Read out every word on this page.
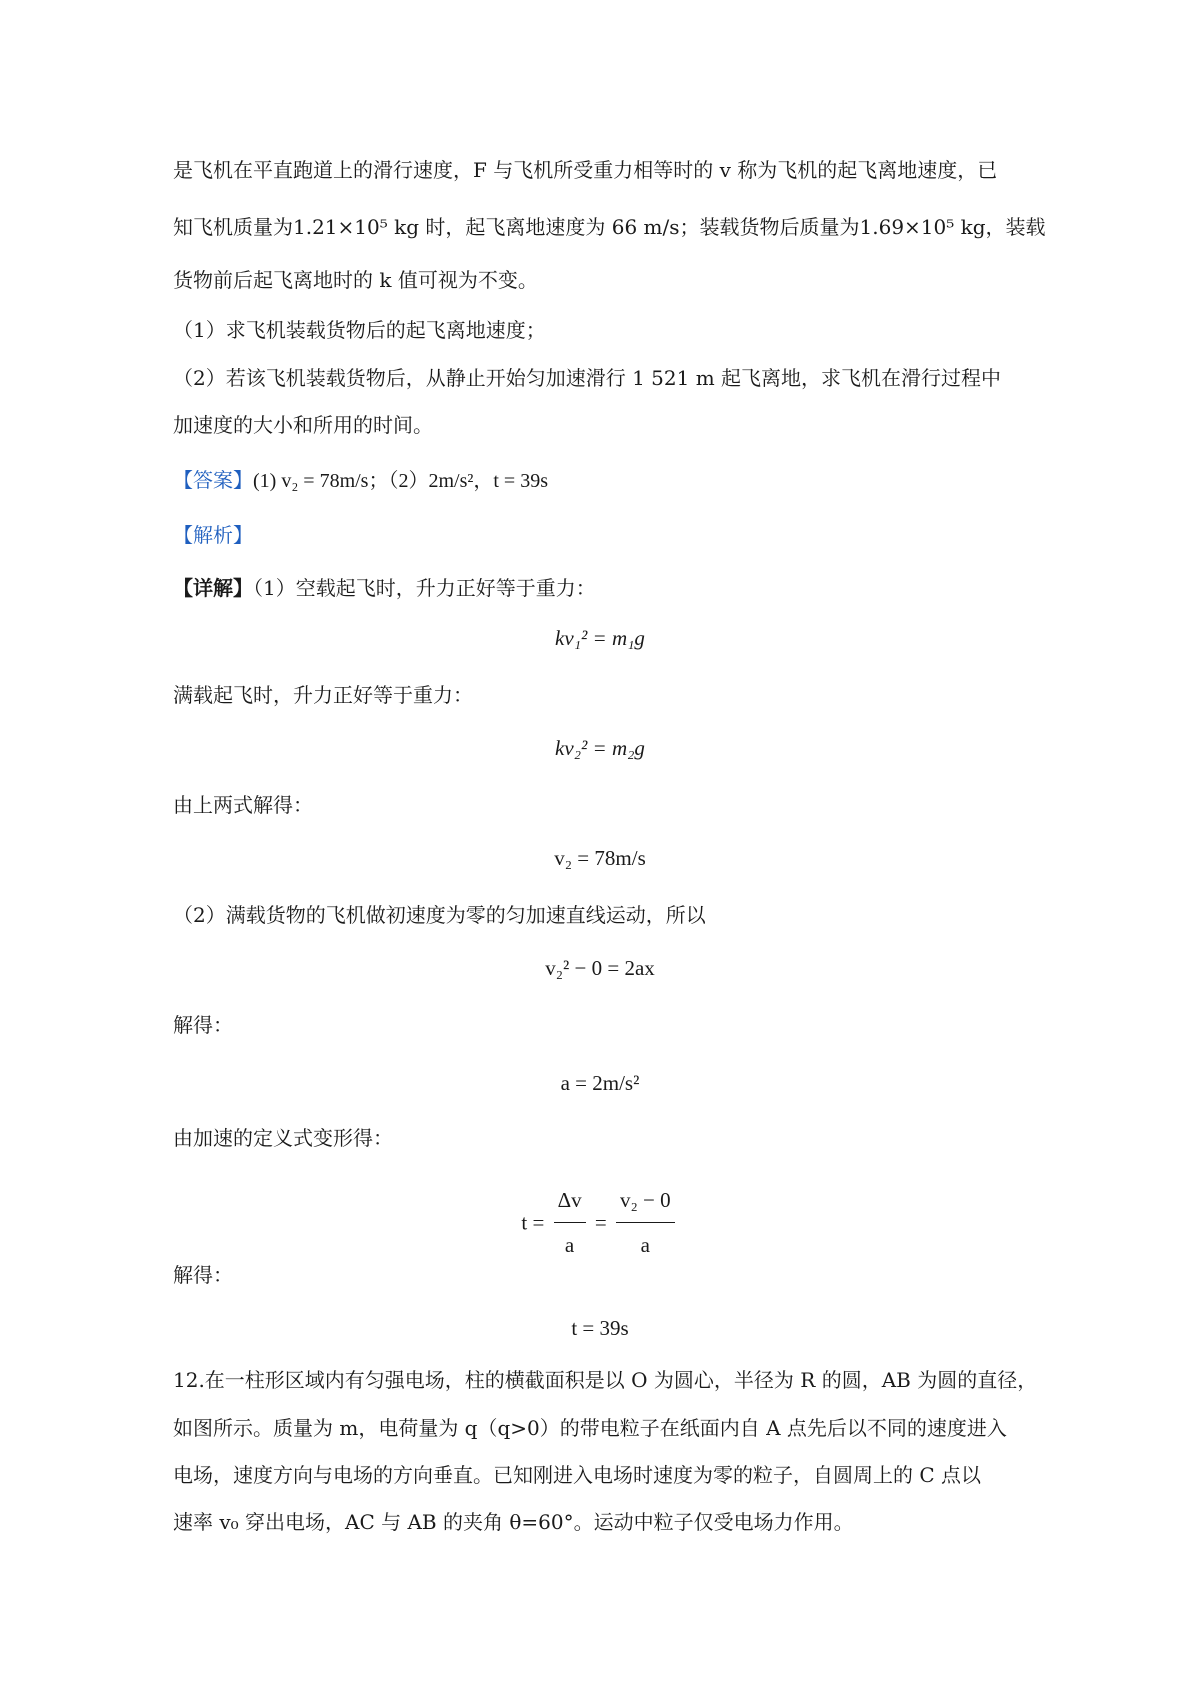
是飞机在平直跑道上的滑行速度，F 与飞机所受重力相等时的 v 称为飞机的起飞离地速度，已
知飞机质量为1.21×10⁵ kg 时，起飞离地速度为 66 m/s；装载货物后质量为1.69×10⁵ kg，装载
货物前后起飞离地时的 k 值可视为不变。
（1）求飞机装载货物后的起飞离地速度；
（2）若该飞机装载货物后，从静止开始匀加速滑行 1 521 m 起飞离地，求飞机在滑行过程中
加速度的大小和所用的时间。
【答案】(1) v₂ = 78m/s；（2）2m/s²，t = 39s
【解析】
【详解】（1）空载起飞时，升力正好等于重力：
kv₁² = m₁g
满载起飞时，升力正好等于重力：
kv₂² = m₂g
由上两式解得：
v₂ = 78m/s
（2）满载货物的飞机做初速度为零的匀加速直线运动，所以
v₂² − 0 = 2ax
解得：
a = 2m/s²
由加速的定义式变形得：
$t = \frac{\Delta v}{a} = \frac{\text{v₂ − 0}}{a}$
解得：
t = 39s
12.在一柱形区域内有匀强电场，柱的横截面积是以 O 为圆心，半径为 R 的圆，AB 为圆的直径，
如图所示。质量为 m，电荷量为 q（q>0）的带电粒子在纸面内自 A 点先后以不同的速度进入
电场，速度方向与电场的方向垂直。已知刚进入电场时速度为零的粒子，自圆周上的 C 点以
速率 v₀ 穿出电场，AC 与 AB 的夹角 θ=60°。运动中粒子仅受电场力作用。
